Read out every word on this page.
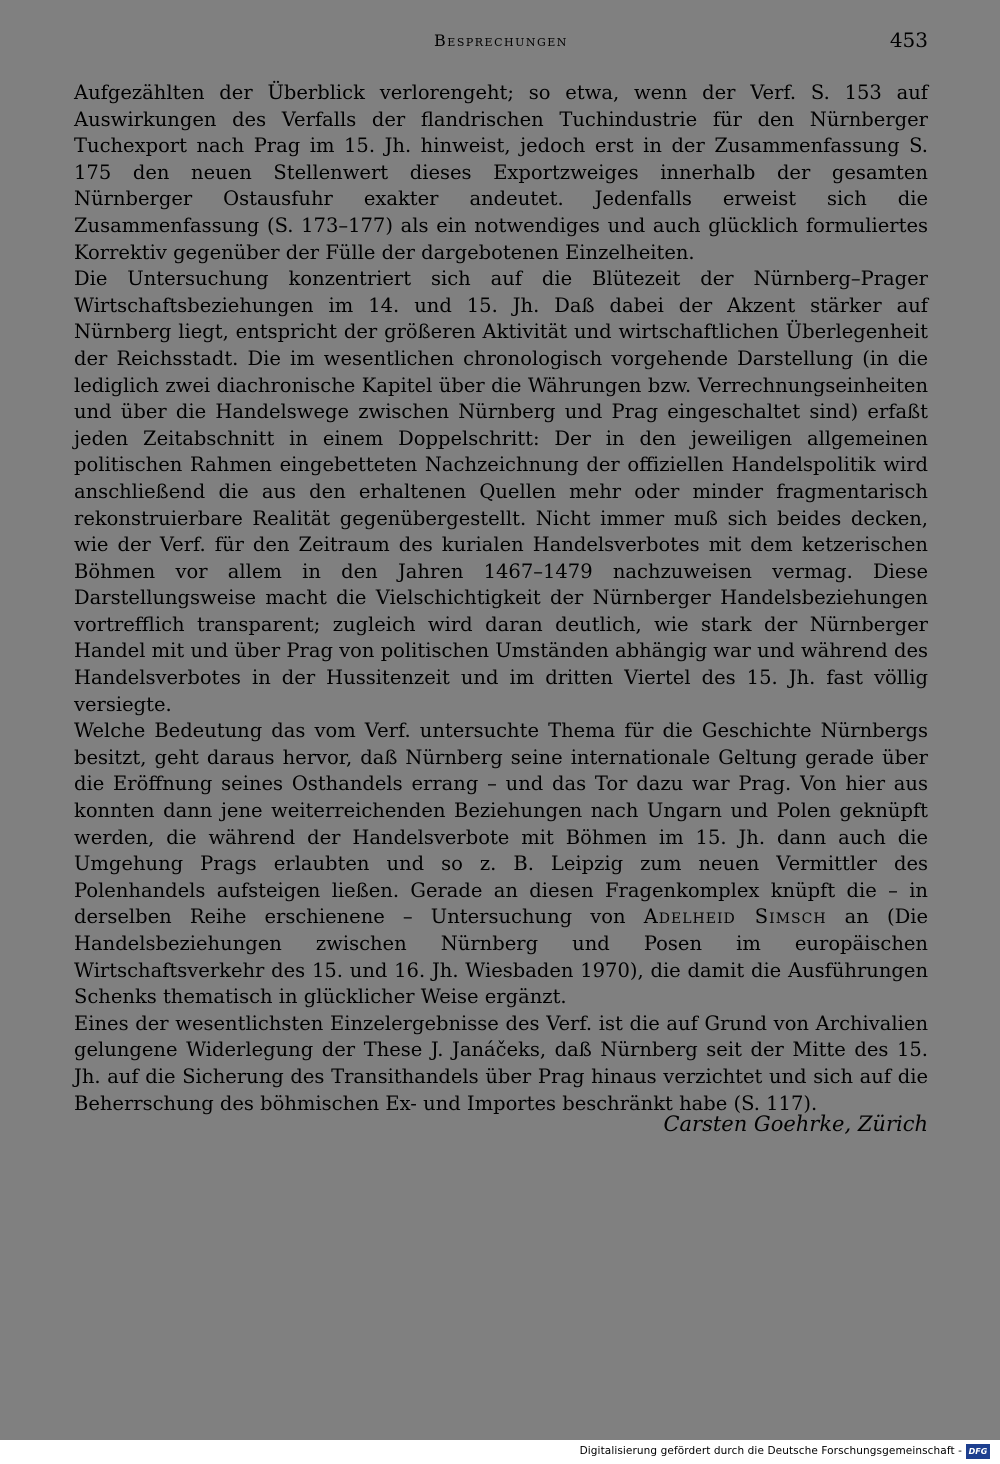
Besprechungen	453

Aufgezählten der Überblick verlorengeht; so etwa, wenn der Verf. S. 153 auf Auswirkungen des Verfalls der flandrischen Tuchindustrie für den Nürnberger Tuchexport nach Prag im 15. Jh. hinweist, jedoch erst in der Zusammenfassung S. 175 den neuen Stellenwert dieses Exportzweiges innerhalb der gesamten Nürnberger Ostausfuhr exakter andeutet. Jedenfalls erweist sich die Zusammenfassung (S. 173–177) als ein notwendiges und auch glücklich formuliertes Korrektiv gegenüber der Fülle der dargebotenen Einzelheiten.

Die Untersuchung konzentriert sich auf die Blütezeit der Nürnberg–Prager Wirtschaftsbeziehungen im 14. und 15. Jh. Daß dabei der Akzent stärker auf Nürnberg liegt, entspricht der größeren Aktivität und wirtschaftlichen Überlegenheit der Reichsstadt. Die im wesentlichen chronologisch vorgehende Darstellung (in die lediglich zwei diachronische Kapitel über die Währungen bzw. Verrechnungseinheiten und über die Handelswege zwischen Nürnberg und Prag eingeschaltet sind) erfaßt jeden Zeitabschnitt in einem Doppelschritt: Der in den jeweiligen allgemeinen politischen Rahmen eingebetteten Nachzeichnung der offiziellen Handelspolitik wird anschließend die aus den erhaltenen Quellen mehr oder minder fragmentarisch rekonstruierbare Realität gegenübergestellt. Nicht immer muß sich beides decken, wie der Verf. für den Zeitraum des kurialen Handelsverbotes mit dem ketzerischen Böhmen vor allem in den Jahren 1467–1479 nachzuweisen vermag. Diese Darstellungsweise macht die Vielschichtigkeit der Nürnberger Handelsbeziehungen vortrefflich transparent; zugleich wird daran deutlich, wie stark der Nürnberger Handel mit und über Prag von politischen Umständen abhängig war und während des Handelsverbotes in der Hussitenzeit und im dritten Viertel des 15. Jh. fast völlig versiegte.

Welche Bedeutung das vom Verf. untersuchte Thema für die Geschichte Nürnbergs besitzt, geht daraus hervor, daß Nürnberg seine internationale Geltung gerade über die Eröffnung seines Osthandels errang – und das Tor dazu war Prag. Von hier aus konnten dann jene weiterreichenden Beziehungen nach Ungarn und Polen geknüpft werden, die während der Handelsverbote mit Böhmen im 15. Jh. dann auch die Umgehung Prags erlaubten und so z. B. Leipzig zum neuen Vermittler des Polenhandels aufsteigen ließen. Gerade an diesen Fragenkomplex knüpft die – in derselben Reihe erschienene – Untersuchung von Adelheid Simsch an (Die Handelsbeziehungen zwischen Nürnberg und Posen im europäischen Wirtschaftsverkehr des 15. und 16. Jh. Wiesbaden 1970), die damit die Ausführungen Schenks thematisch in glücklicher Weise ergänzt.

Eines der wesentlichsten Einzelergebnisse des Verf. ist die auf Grund von Archivalien gelungene Widerlegung der These J. Janáčeks, daß Nürnberg seit der Mitte des 15. Jh. auf die Sicherung des Transithandels über Prag hinaus verzichtet und sich auf die Beherrschung des böhmischen Ex- und Importes beschränkt habe (S. 117).

Carsten Goehrke, Zürich
Digitalisierung gefördert durch die Deutsche Forschungsgemeinschaft - DFG
